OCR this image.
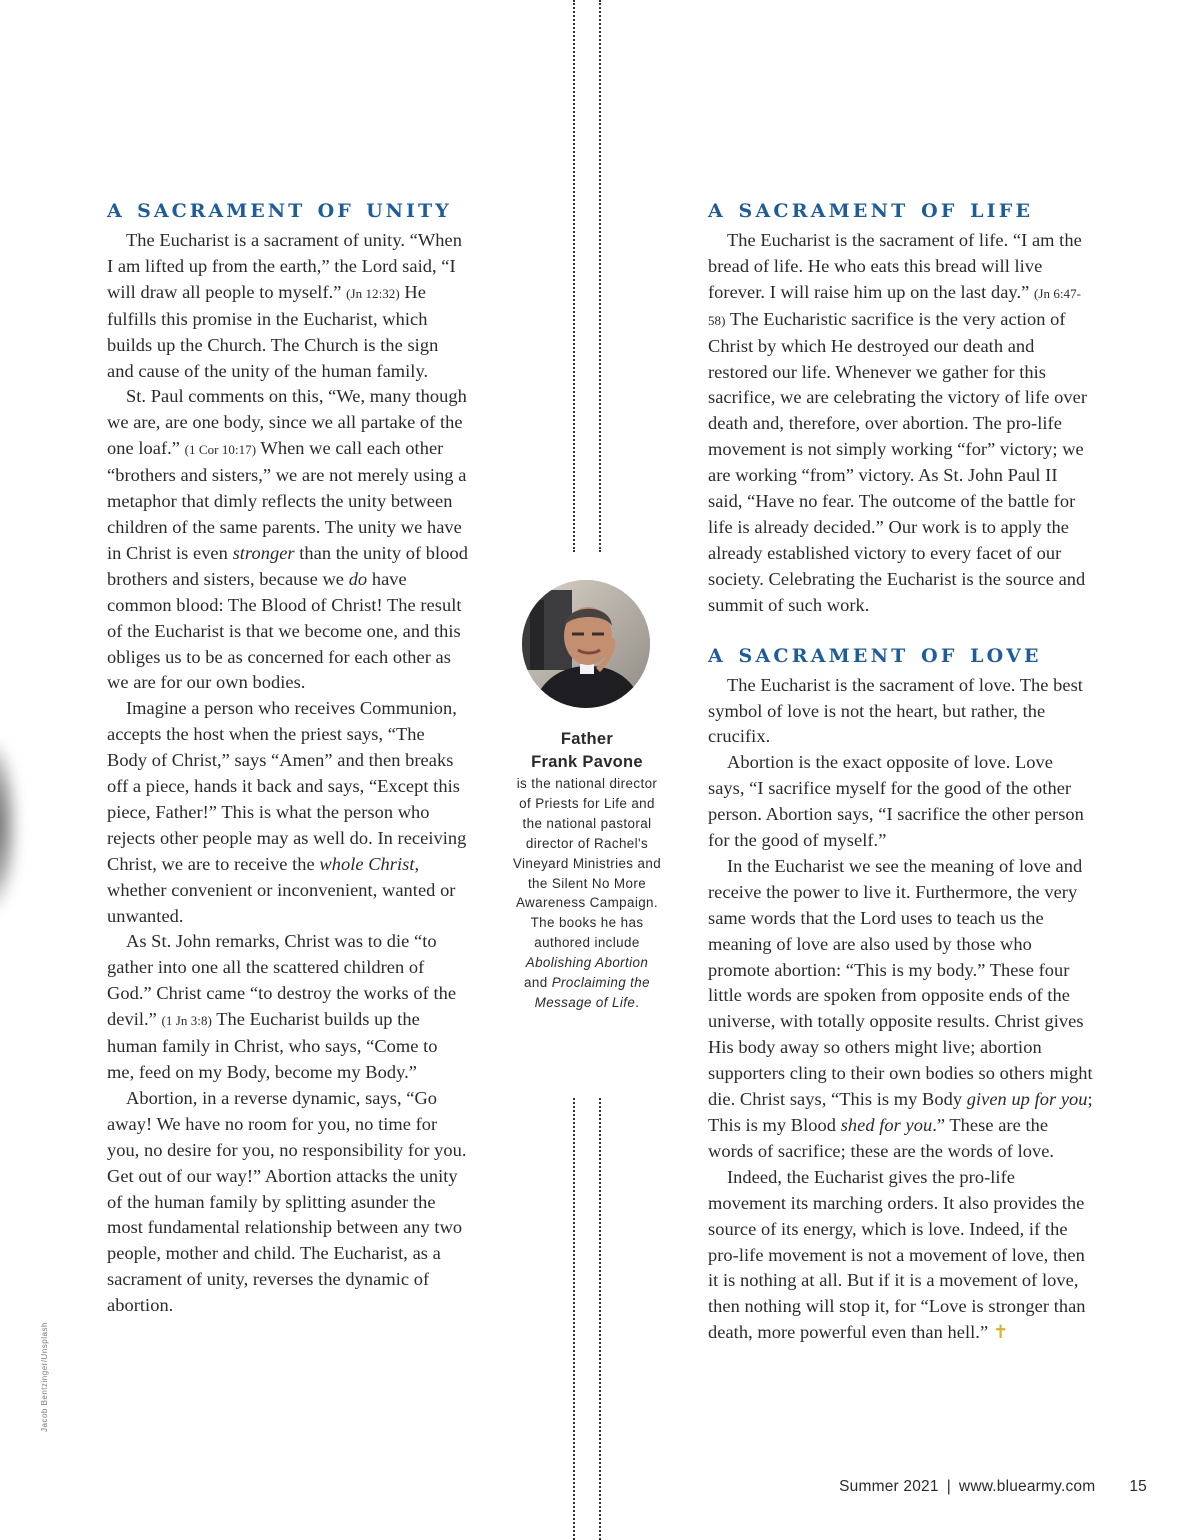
Jacob Bentzinger/Unsplash
a sacrament of unity

The Eucharist is a sacrament of unity. “When I am lifted up from the earth,” the Lord said, “I will draw all people to myself.” (Jn 12:32) He fulfills this promise in the Eucharist, which builds up the Church. The Church is the sign and cause of the unity of the human family.

St. Paul comments on this, “We, many though we are, are one body, since we all partake of the one loaf.” (1 Cor 10:17) When we call each other “brothers and sisters,” we are not merely using a metaphor that dimly reflects the unity between children of the same parents. The unity we have in Christ is even stronger than the unity of blood brothers and sisters, because we do have common blood: The Blood of Christ! The result of the Eucharist is that we become one, and this obliges us to be as concerned for each other as we are for our own bodies.

Imagine a person who receives Communion, accepts the host when the priest says, “The Body of Christ,” says “Amen” and then breaks off a piece, hands it back and says, “Except this piece, Father!” This is what the person who rejects other people may as well do. In receiving Christ, we are to receive the whole Christ, whether convenient or inconvenient, wanted or unwanted.

As St. John remarks, Christ was to die “to gather into one all the scattered children of God.” Christ came “to destroy the works of the devil.” (1 Jn 3:8) The Eucharist builds up the human family in Christ, who says, “Come to me, feed on my Body, become my Body.”

Abortion, in a reverse dynamic, says, “Go away! We have no room for you, no time for you, no desire for you, no responsibility for you. Get out of our way!” Abortion attacks the unity of the human family by splitting asunder the most fundamental relationship between any two people, mother and child. The Eucharist, as a sacrament of unity, reverses the dynamic of abortion.

Father
Frank Pavone
is the national director of Priests for Life and the national pastoral director of Rachel's Vineyard Ministries and the Silent No More Awareness Campaign. The books he has authored include Abolishing Abortion and Proclaiming the Message of Life.
a sacrament of life

The Eucharist is the sacrament of life. “I am the bread of life. He who eats this bread will live forever. I will raise him up on the last day.” (Jn 6:47-58) The Eucharistic sacrifice is the very action of Christ by which He destroyed our death and restored our life. Whenever we gather for this sacrifice, we are celebrating the victory of life over death and, therefore, over abortion. The pro-life movement is not simply working “for” victory; we are working “from” victory. As St. John Paul II said, “Have no fear. The outcome of the battle for life is already decided.” Our work is to apply the already established victory to every facet of our society. Celebrating the Eucharist is the source and summit of such work.

a sacrament of love

The Eucharist is the sacrament of love. The best symbol of love is not the heart, but rather, the crucifix.

Abortion is the exact opposite of love. Love says, “I sacrifice myself for the good of the other person. Abortion says, “I sacrifice the other person for the good of myself.”

In the Eucharist we see the meaning of love and receive the power to live it. Furthermore, the very same words that the Lord uses to teach us the meaning of love are also used by those who promote abortion: “This is my body.” These four little words are spoken from opposite ends of the universe, with totally opposite results. Christ gives His body away so others might live; abortion supporters cling to their own bodies so others might die. Christ says, “This is my Body given up for you; This is my Blood shed for you.” These are the words of sacrifice; these are the words of love.

Indeed, the Eucharist gives the pro-life movement its marching orders. It also provides the source of its energy, which is love. Indeed, if the pro-life movement is not a movement of love, then it is nothing at all. But if it is a movement of love, then nothing will stop it, for “Love is stronger than death, more powerful even than hell.” ✝

Summer 2021 | www.bluearmy.com 15
